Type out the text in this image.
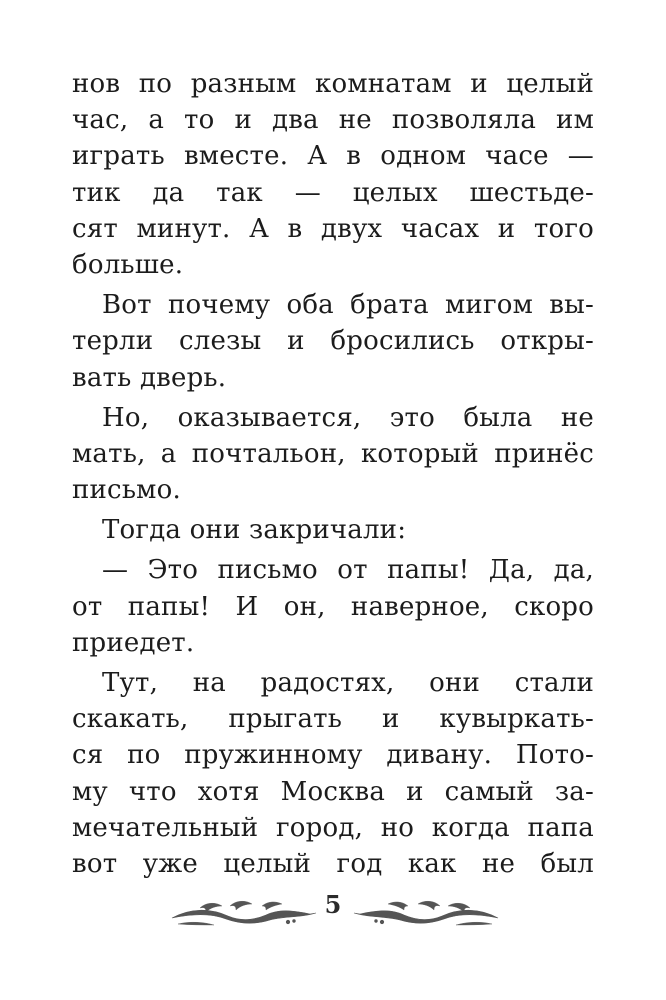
нов по разным комнатам и целый
час, а то и два не позволяла им
играть вместе. А в одном часе —
тик да так — целых шестьде-
сят минут. А в двух часах и того
больше.
Вот почему оба брата мигом вы-
терли слезы и бросились откры-
вать дверь.
Но, оказывается, это была не
мать, а почтальон, который принёс
письмо.
Тогда они закричали:
— Это письмо от папы! Да, да,
от папы! И он, наверное, скоро
приедет.
Тут, на радостях, они стали
скакать, прыгать и кувыркать-
ся по пружинному дивану. Пото-
му что хотя Москва и самый за-
мечательный город, но когда папа
вот уже целый год как не был
5
